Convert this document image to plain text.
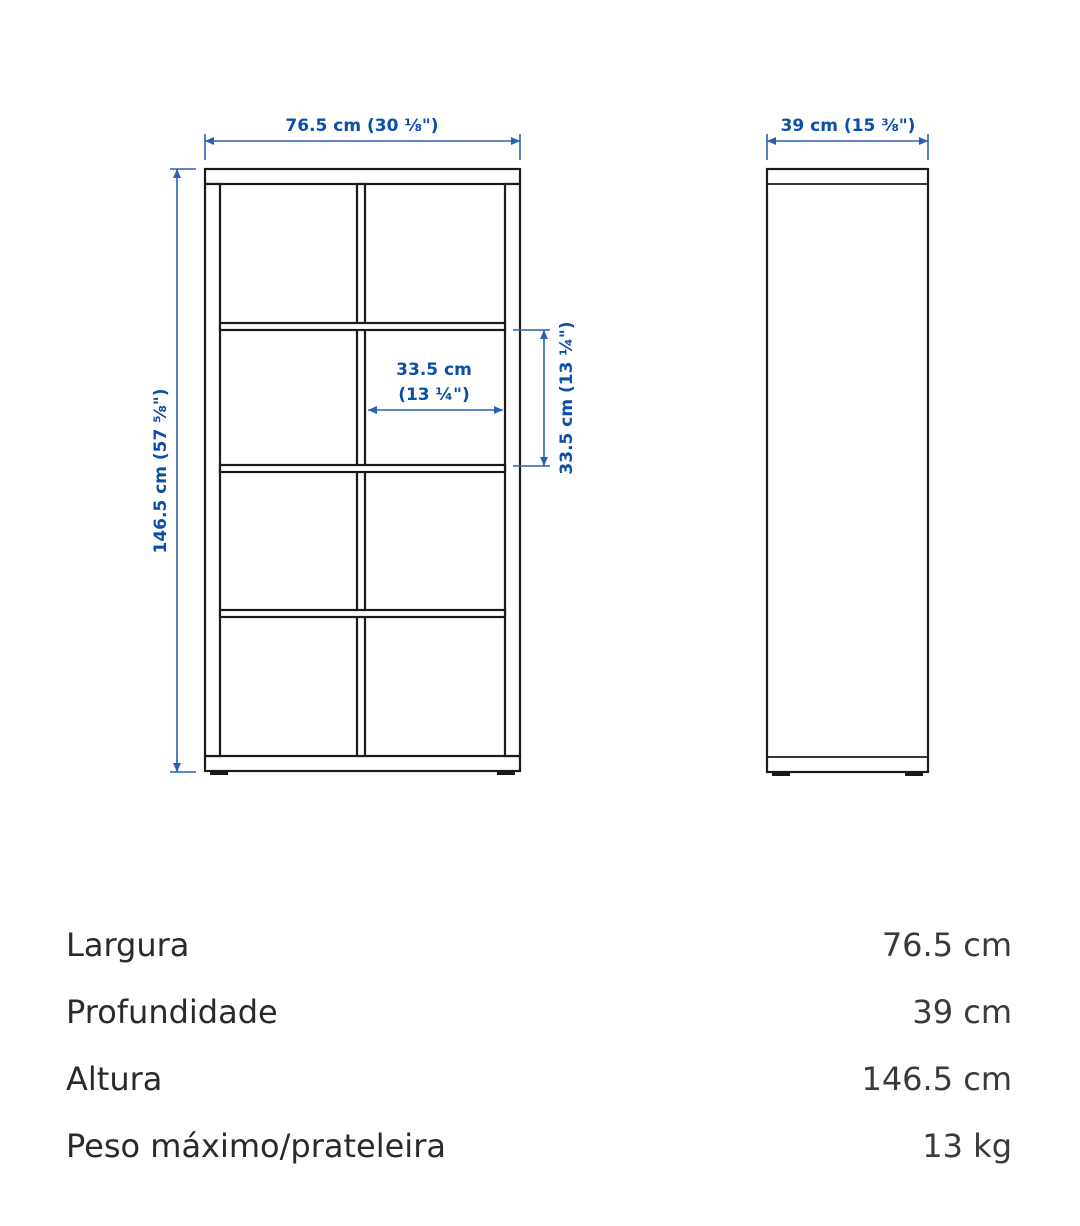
76.5 cm (30 ⅛")
146.5 cm (57 ⅝")
33.5 cm
(13 ¼")	33.5 cm (13 ¼")
39 cm (15 ⅜")
Largura	76.5 cm
Profundidade	39 cm
Altura	146.5 cm
Peso máximo/prateleira	13 kg
